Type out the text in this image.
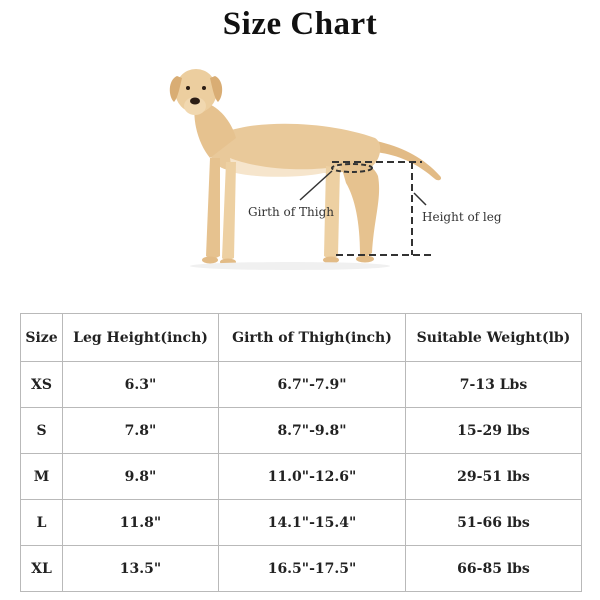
Size Chart
Girth of Thigh	Height of leg
Size	Leg Height(inch)	Girth of Thigh(inch)	Suitable Weight(lb)
XS	6.3"	6.7"-7.9"	7-13 Lbs
S	7.8"	8.7"-9.8"	15-29 lbs
M	9.8"	11.0"-12.6"	29-51 lbs
L	11.8"	14.1"-15.4"	51-66 lbs
XL	13.5"	16.5"-17.5"	66-85 lbs
